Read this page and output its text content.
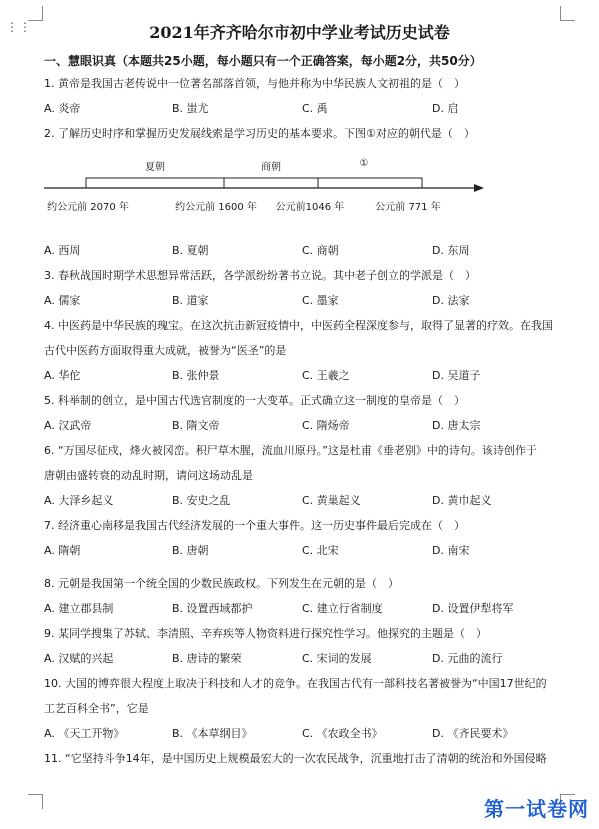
⋮⋮	2021年齐齐哈尔市初中学业考试历史试卷
一、慧眼识真（本题共25小题，每小题只有一个正确答案，每小题2分，共50分）
1. 黄帝是我国古老传说中一位著名部落首领，与他并称为中华民族人文初祖的是（　）
A. 炎帝	B. 蚩尤	C. 禹	D. 启
2. 了解历史时序和掌握历史发展线索是学习历史的基本要求。下图①对应的朝代是（　）
夏朝	商朝	①
约公元前 2070 年	约公元前 1600 年 公元前1046 年	公元前 771 年
A. 西周	B. 夏朝	C. 商朝	D. 东周
3. 春秋战国时期学术思想异常活跃，各学派纷纷著书立说。其中老子创立的学派是（　）
A. 儒家	B. 道家	C. 墨家	D. 法家
4. 中医药是中华民族的瑰宝。在这次抗击新冠疫情中，中医药全程深度参与，取得了显著的疗效。在我国
古代中医药方面取得重大成就，被誉为“医圣”的是
A. 华佗	B. 张仲景	C. 王羲之	D. 吴道子
5. 科举制的创立，是中国古代选官制度的一大变革。正式确立这一制度的皇帝是（　）
A. 汉武帝	B. 隋文帝	C. 隋炀帝	D. 唐太宗
6. “万国尽征戍，烽火被冈峦。积尸草木腥，流血川原丹。”这是杜甫《垂老别》中的诗句。该诗创作于
唐朝由盛转衰的动乱时期，请问这场动乱是
A. 大泽乡起义	B. 安史之乱	C. 黄巢起义	D. 黄巾起义
7. 经济重心南移是我国古代经济发展的一个重大事件。这一历史事件最后完成在（　）
A. 隋朝	B. 唐朝	C. 北宋	D. 南宋
8. 元朝是我国第一个统全国的少数民族政权。下列发生在元朝的是（　）
A. 建立郡县制	B. 设置西域都护	C. 建立行省制度	D. 设置伊犁将军
9. 某同学搜集了苏轼、李清照、辛弃疾等人物资料进行探究性学习。他探究的主题是（　）
A. 汉赋的兴起	B. 唐诗的繁荣	C. 宋词的发展	D. 元曲的流行
10. 大国的博弈很大程度上取决于科技和人才的竞争。在我国古代有一部科技名著被誉为“中国17世纪的
工艺百科全书”，它是
A. 《天工开物》	B. 《本草纲目》	C. 《农政全书》	D. 《齐民要术》
11. “它坚持斗争14年，是中国历史上规模最宏大的一次农民战争，沉重地打击了清朝的统治和外国侵略
第一试卷网
